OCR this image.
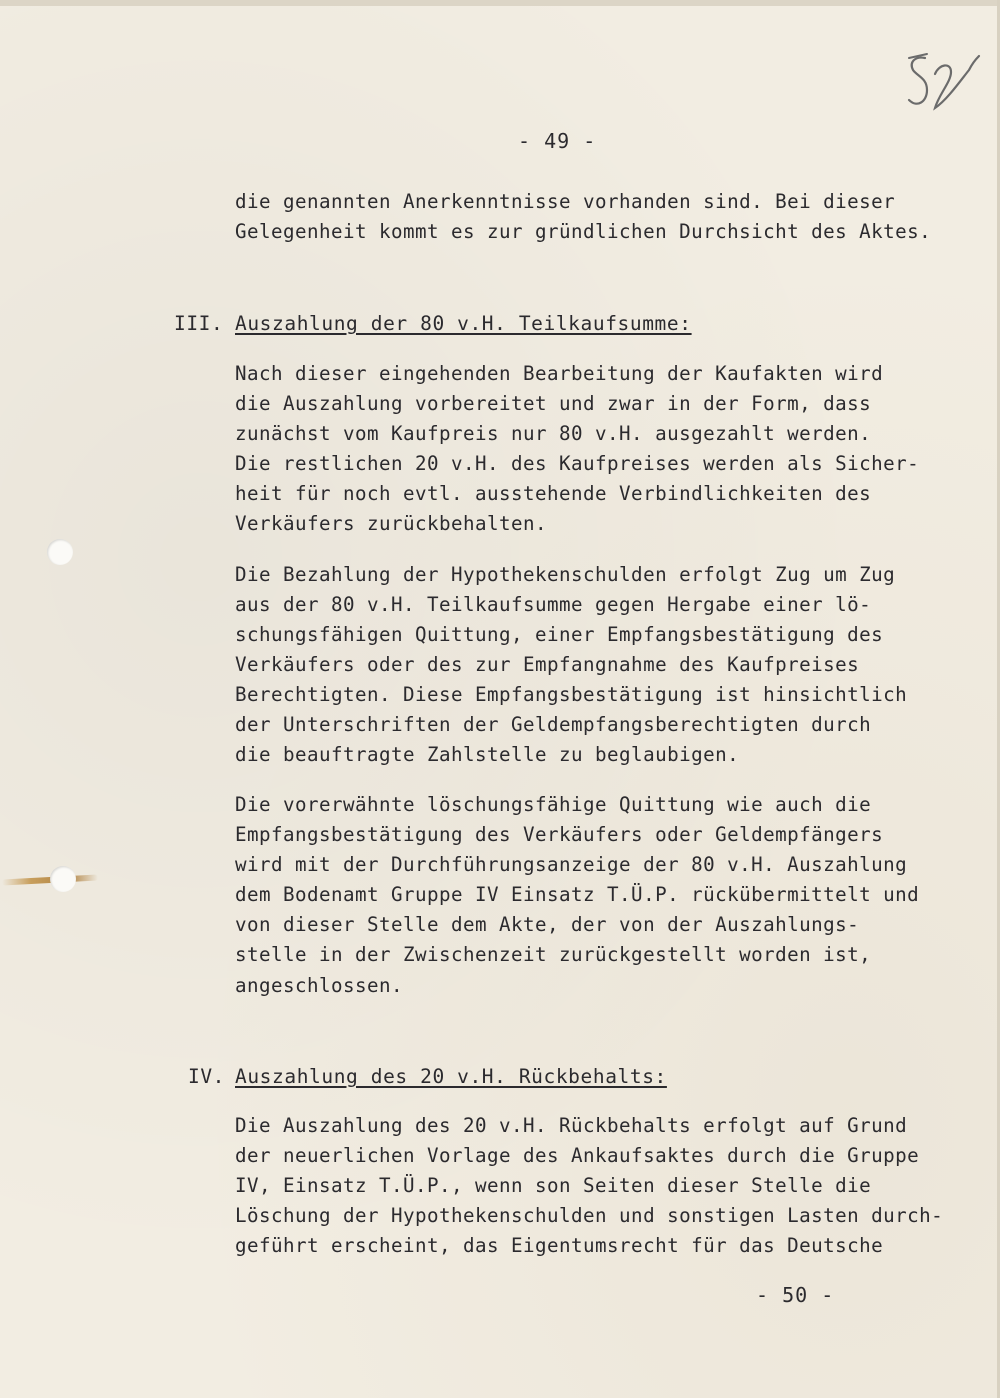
- 49 -
die genannten Anerkenntnisse vorhanden sind. Bei dieser
Gelegenheit kommt es zur gründlichen Durchsicht des Aktes.
III. Auszahlung der 80 v.H. Teilkaufsumme:
Nach dieser eingehenden Bearbeitung der Kaufakten wird
die Auszahlung vorbereitet und zwar in der Form, dass
zunächst vom Kaufpreis nur 80 v.H. ausgezahlt werden.
Die restlichen 20 v.H. des Kaufpreises werden als Sicher-
heit für noch evtl. ausstehende Verbindlichkeiten des
Verkäufers zurückbehalten.
Die Bezahlung der Hypothekenschulden erfolgt Zug um Zug
aus der 80 v.H. Teilkaufsumme gegen Hergabe einer lö-
schungsfähigen Quittung, einer Empfangsbestätigung des
Verkäufers oder des zur Empfangnahme des Kaufpreises
Berechtigten. Diese Empfangsbestätigung ist hinsichtlich
der Unterschriften der Geldempfangsberechtigten durch
die beauftragte Zahlstelle zu beglaubigen.
Die vorerwähnte löschungsfähige Quittung wie auch die
Empfangsbestätigung des Verkäufers oder Geldempfängers
wird mit der Durchführungsanzeige der 80 v.H. Auszahlung
dem Bodenamt Gruppe IV Einsatz T.Ü.P. rückübermittelt und
von dieser Stelle dem Akte, der von der Auszahlungs-
stelle in der Zwischenzeit zurückgestellt worden ist,
angeschlossen.
IV. Auszahlung des 20 v.H. Rückbehalts:
Die Auszahlung des 20 v.H. Rückbehalts erfolgt auf Grund
der neuerlichen Vorlage des Ankaufsaktes durch die Gruppe
IV, Einsatz T.Ü.P., wenn son Seiten dieser Stelle die
Löschung der Hypothekenschulden und sonstigen Lasten durch-
geführt erscheint, das Eigentumsrecht für das Deutsche
- 50 -
